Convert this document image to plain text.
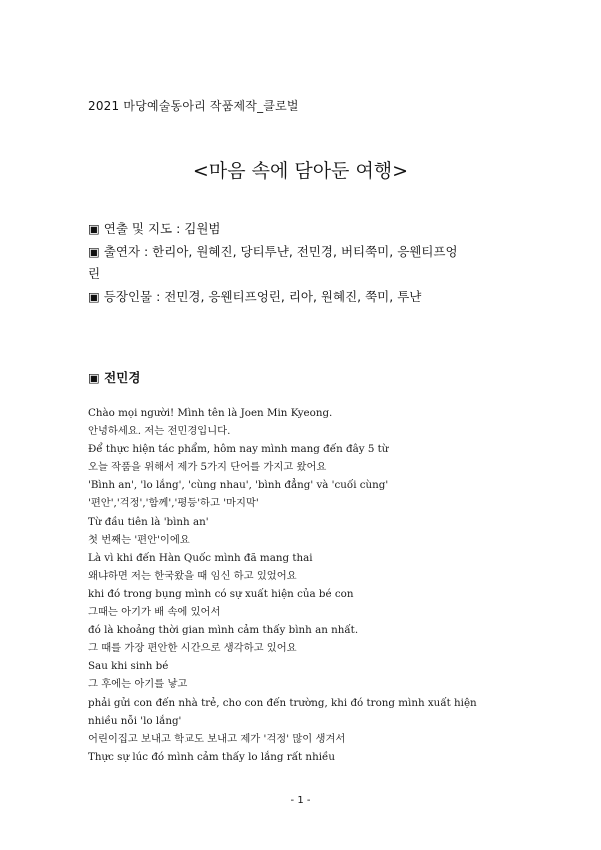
2021 마당예술동아리 작품제작_클로벌
<마음 속에 담아둔 여행>
▣ 연출 및 지도 : 김원범
▣ 출연자 : 한리아, 원혜진, 당티투냔, 전민경, 버티쭉미, 응웬티프엉
린
▣ 등장인물 : 전민경, 응웬티프엉린, 리아, 원혜진, 쭉미, 투냔
▣ 전민경
Chào mọi người! Mình tên là Joen Min Kyeong.
안녕하세요. 저는 전민경입니다.
Để thực hiện tác phẩm, hôm nay mình mang đến đây 5 từ
오늘 작품을 위해서 제가 5가지 단어를 가지고 왔어요
'Bình an', 'lo lắng', 'cùng nhau', 'bình đẳng' và 'cuối cùng'
'편안','걱정','함께','평등'하고 '마지막'
Từ đầu tiên là 'bình an'
첫 번째는 '편안'이에요
Là vì khi đến Hàn Quốc mình đã mang thai
왜냐하면 저는 한국왔을 때 임신 하고 있었어요
khi đó trong bụng mình có sự xuất hiện của bé con
그때는 아기가 배 속에 있어서
đó là khoảng thời gian mình cảm thấy bình an nhất.
그 때를 가장 편안한 시간으로 생각하고 있어요
Sau khi sinh bé
그 후에는 아기를 낳고
phải gửi con đến nhà trẻ, cho con đến trường, khi đó trong mình xuất hiện
nhiều nỗi 'lo lắng'
어린이집고 보내고 학교도 보내고 제가 '걱정' 많이 생겨서
Thực sự lúc đó mình cảm thấy lo lắng rất nhiều
- 1 -
